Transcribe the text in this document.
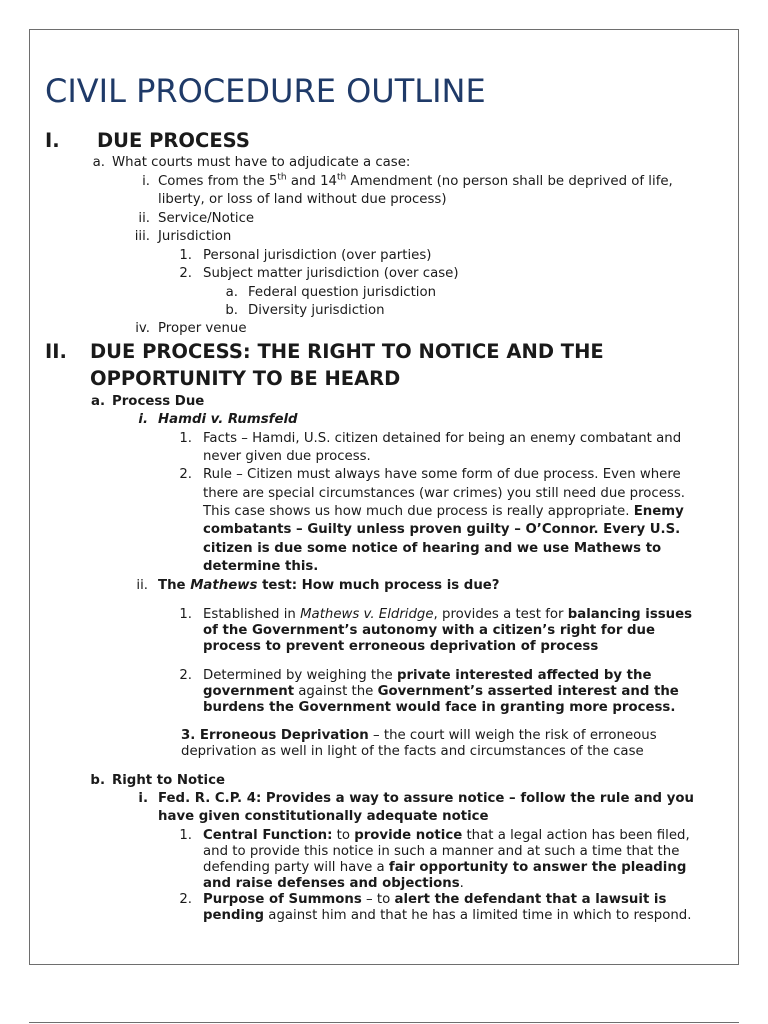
CIVIL PROCEDURE OUTLINE
I. DUE PROCESS
a. What courts must have to adjudicate a case:
i. Comes from the 5th and 14th Amendment (no person shall be deprived of life,
liberty, or loss of land without due process)
ii. Service/Notice
iii. Jurisdiction
1. Personal jurisdiction (over parties)
2. Subject matter jurisdiction (over case)
a. Federal question jurisdiction
b. Diversity jurisdiction
iv. Proper venue
II. DUE PROCESS: THE RIGHT TO NOTICE AND THE
OPPORTUNITY TO BE HEARD
a. Process Due
i. Hamdi v. Rumsfeld
1. Facts – Hamdi, U.S. citizen detained for being an enemy combatant and
never given due process.
2. Rule – Citizen must always have some form of due process. Even where
there are special circumstances (war crimes) you still need due process.
This case shows us how much due process is really appropriate. Enemy
combatants – Guilty unless proven guilty – O’Connor. Every U.S.
citizen is due some notice of hearing and we use Mathews to
determine this.
ii. The Mathews test: How much process is due?
1. Established in Mathews v. Eldridge, provides a test for balancing issues
of the Government’s autonomy with a citizen’s right for due
process to prevent erroneous deprivation of process
2. Determined by weighing the private interested affected by the
government against the Government’s asserted interest and the
burdens the Government would face in granting more process.
3. Erroneous Deprivation – the court will weigh the risk of erroneous
deprivation as well in light of the facts and circumstances of the case
b. Right to Notice
i. Fed. R. C.P. 4: Provides a way to assure notice – follow the rule and you
have given constitutionally adequate notice
1. Central Function: to provide notice that a legal action has been filed,
and to provide this notice in such a manner and at such a time that the
defending party will have a fair opportunity to answer the pleading
and raise defenses and objections.
2. Purpose of Summons – to alert the defendant that a lawsuit is
pending against him and that he has a limited time in which to respond.
